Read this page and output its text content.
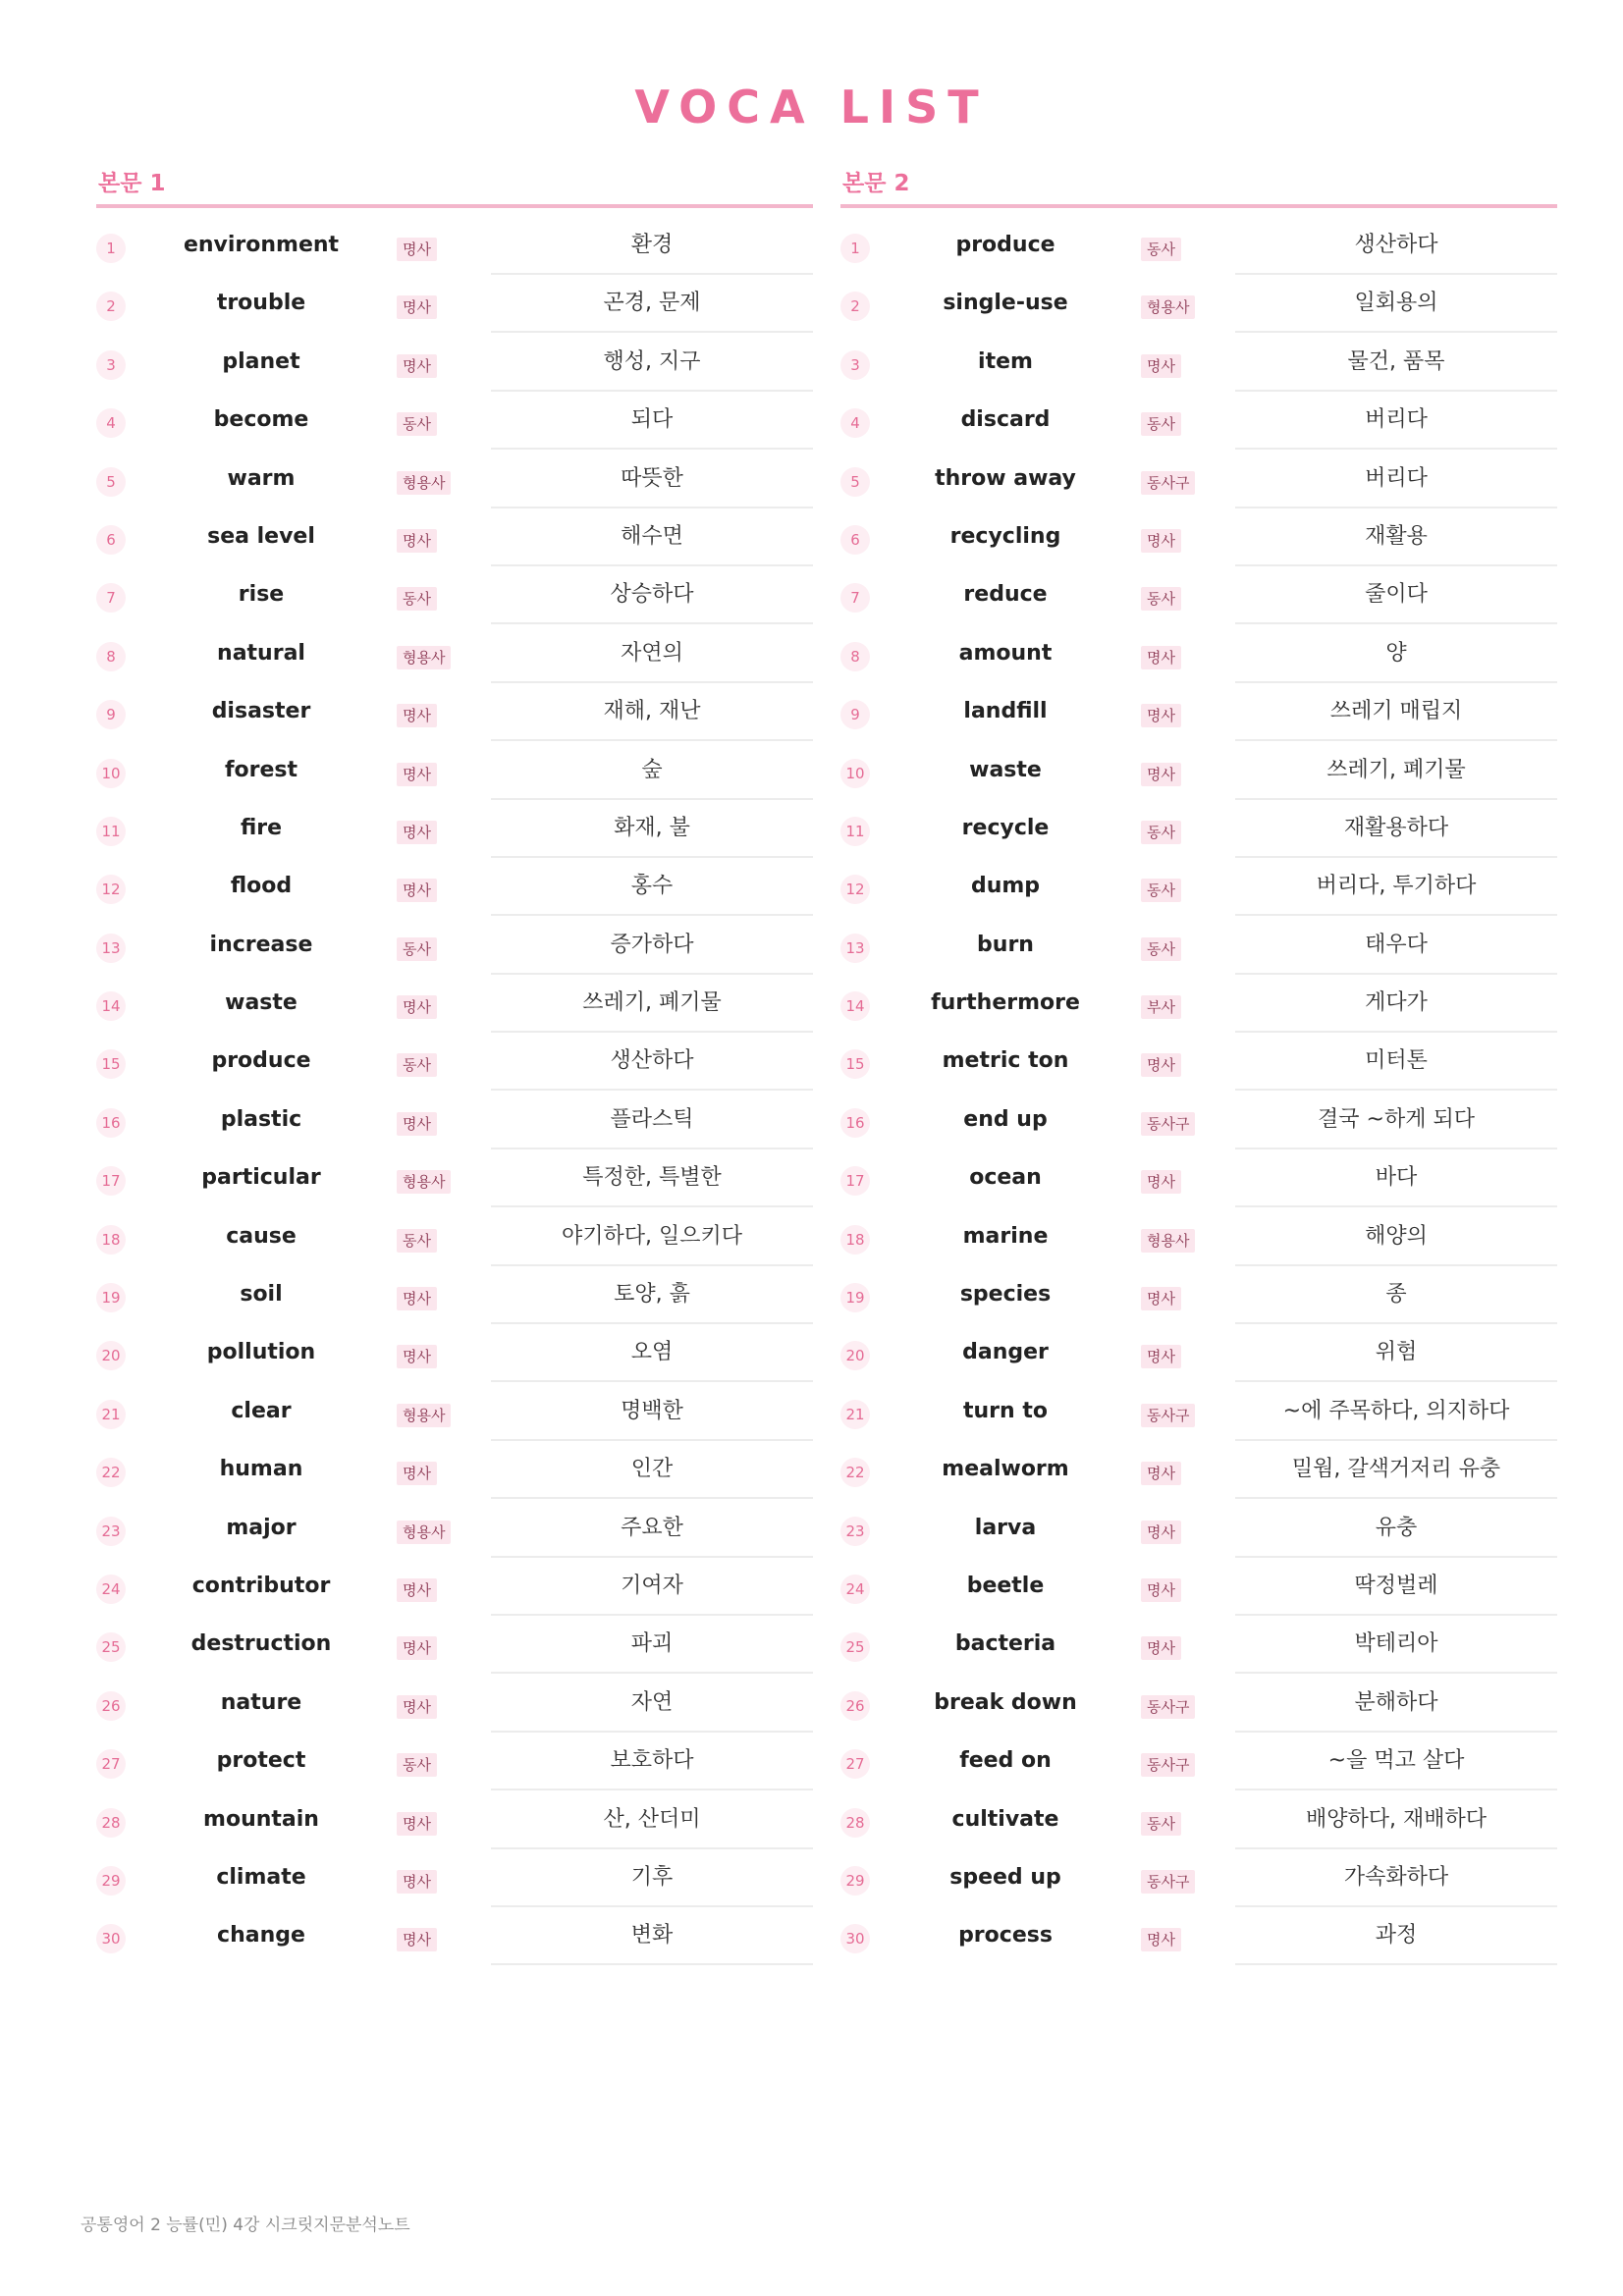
VOCA LIST
본문 1
1	environment	명사	환경
2	trouble	명사	곤경, 문제
3	planet	명사	행성, 지구
4	become	동사	되다
5	warm	형용사	따뜻한
6	sea level	명사	해수면
7	rise	동사	상승하다
8	natural	형용사	자연의
9	disaster	명사	재해, 재난
10	forest	명사	숲
11	fire	명사	화재, 불
12	flood	명사	홍수
13	increase	동사	증가하다
14	waste	명사	쓰레기, 폐기물
15	produce	동사	생산하다
16	plastic	명사	플라스틱
17	particular	형용사	특정한, 특별한
18	cause	동사	야기하다, 일으키다
19	soil	명사	토양, 흙
20	pollution	명사	오염
21	clear	형용사	명백한
22	human	명사	인간
23	major	형용사	주요한
24	contributor	명사	기여자
25	destruction	명사	파괴
26	nature	명사	자연
27	protect	동사	보호하다
28	mountain	명사	산, 산더미
29	climate	명사	기후
30	change	명사	변화
본문 2
1	produce	동사	생산하다
2	single-use	형용사	일회용의
3	item	명사	물건, 품목
4	discard	동사	버리다
5	throw away	동사구	버리다
6	recycling	명사	재활용
7	reduce	동사	줄이다
8	amount	명사	양
9	landfill	명사	쓰레기 매립지
10	waste	명사	쓰레기, 폐기물
11	recycle	동사	재활용하다
12	dump	동사	버리다, 투기하다
13	burn	동사	태우다
14	furthermore	부사	게다가
15	metric ton	명사	미터톤
16	end up	동사구	결국 ~하게 되다
17	ocean	명사	바다
18	marine	형용사	해양의
19	species	명사	종
20	danger	명사	위험
21	turn to	동사구	~에 주목하다, 의지하다
22	mealworm	명사	밀웜, 갈색거저리 유충
23	larva	명사	유충
24	beetle	명사	딱정벌레
25	bacteria	명사	박테리아
26	break down	동사구	분해하다
27	feed on	동사구	~을 먹고 살다
28	cultivate	동사	배양하다, 재배하다
29	speed up	동사구	가속화하다
30	process	명사	과정
공통영어 2 능률(민) 4강 시크릿지문분석노트
